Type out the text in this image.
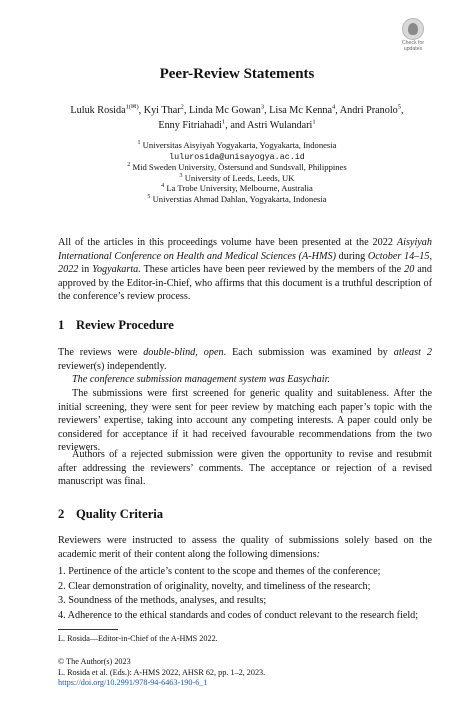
Check for
updates
Peer-Review Statements
Luluk Rosida$^{1(✉)}$, Kyi Thar$^2$, Linda Mc Gowan$^3$, Lisa Mc Kenna$^4$, Andri Pranolo$^5$,
Enny Fitriahadi$^1$, and Astri Wulandari$^1$
$^1$ Universitas Aisyiyah Yogyakarta, Yogyakarta, Indonesia
lulurosida@unisayogya.ac.id
$^2$ Mid Sweden University, Östersund and Sundsvall, Philippines
$^3$ University of Leeds, Leeds, UK
$^4$ La Trobe University, Melbourne, Australia
$^5$ Universtias Ahmad Dahlan, Yogyakarta, Indonesia

All of the articles in this proceedings volume have been presented at the 2022 Aisyiyah International Conference on Health and Medical Sciences (A-HMS) during October 14–15, 2022 in Yogyakarta. These articles have been peer reviewed by the members of the 20 and approved by the Editor-in-Chief, who affirms that this document is a truthful description of the conference’s review process.

1 Review Procedure

The reviews were double-blind, open. Each submission was examined by atleast 2 reviewer(s) independently.

The conference submission management system was Easychair.

The submissions were first screened for generic quality and suitableness. After the initial screening, they were sent for peer review by matching each paper’s topic with the reviewers’ expertise, taking into account any competing interests. A paper could only be considered for acceptance if it had received favourable recommendations from the two reviewers.

Authors of a rejected submission were given the opportunity to revise and resubmit after addressing the reviewers’ comments. The acceptance or rejection of a revised manuscript was final.

2 Quality Criteria

Reviewers were instructed to assess the quality of submissions solely based on the academic merit of their content along the following dimensions:

1. Pertinence of the article’s content to the scope and themes of the conference;
2. Clear demonstration of originality, novelty, and timeliness of the research;
3. Soundness of the methods, analyses, and results;
4. Adherence to the ethical standards and codes of conduct relevant to the research field;
L. Rosida—Editor-in-Chief of the A-HMS 2022.
© The Author(s) 2023
L. Rosida et al. (Eds.): A-HMS 2022, AHSR 62, pp. 1–2, 2023.
https://doi.org/10.2991/978-94-6463-190-6_1
